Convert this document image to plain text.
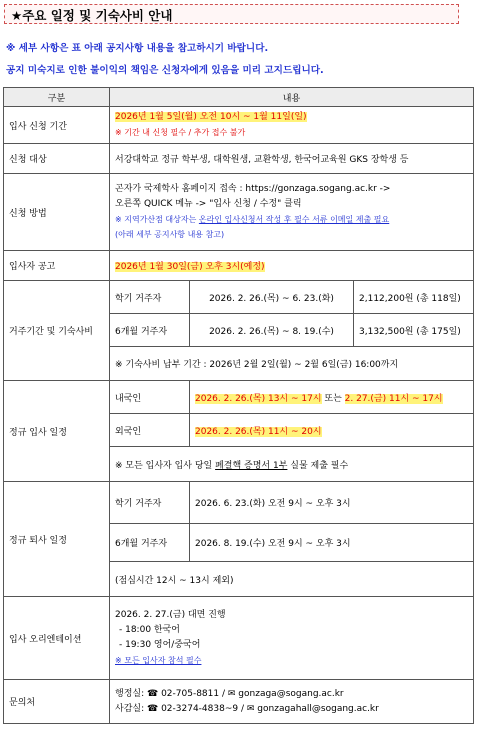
★주요 일정 및 기숙사비 안내
※ 세부 사항은 표 아래 공지사항 내용을 참고하시기 바랍니다.
공지 미숙지로 인한 불이익의 책임은 신청자에게 있음을 미리 고지드립니다.
구분	내용		
입사 신청 기간	2026년 1월 5일(월) 오전 10시 ~ 1월 11일(일)
※ 기간 내 신청 필수 / 추가 접수 불가		

신청 대상	서강대학교 정규 학부생, 대학원생, 교환학생, 한국어교육원 GKS 장학생 등		
신청 방법	곤자가 국제학사 홈페이지 접속 : https://gonzaga.sogang.ac.kr ->
오른쪽 QUICK 메뉴 -> "입사 신청 / 수정" 클릭
※ 지역가산점 대상자는 온라인 입사신청서 작성 후 필수 서류 이메일 제출 필요
(아래 세부 공지사항 내용 참고)		

입사자 공고	2026년 1월 30일(금) 오후 3시(예정)		
거주기간 및 기숙사비	학기 거주자	2026. 2. 26.(목) ~ 6. 23.(화)	2,112,200원 (총 118일)
	6개월 거주자	2026. 2. 26.(목) ~ 8. 19.(수)	3,132,500원 (총 175일)
	※ 기숙사비 납부 기간 : 2026년 2월 2일(월) ~ 2월 6일(금) 16:00까지		
정규 입사 일정	내국인	2026. 2. 26.(목) 13시 ~ 17시 또는 2. 27.(금) 11시 ~ 17시	
	외국인	2026. 2. 26.(목) 11시 ~ 20시	
	※ 모든 입사자 입사 당일 폐결핵 증명서 1부 실물 제출 필수		
정규 퇴사 일정	학기 거주자	2026. 6. 23.(화) 오전 9시 ~ 오후 3시	
	6개월 거주자	2026. 8. 19.(수) 오전 9시 ~ 오후 3시	
	(점심시간 12시 ~ 13시 제외)		
입사 오리엔테이션	2026. 2. 27.(금) 대면 진행
- 18:00 한국어
- 19:30 영어/중국어
※ 모든 입사자 참석 필수		

문의처	행정실: ☎ 02-705-8811 / ✉ gonzaga@sogang.ac.kr
사감실: ☎ 02-3274-4838~9 / ✉ gonzagahall@sogang.ac.kr		
